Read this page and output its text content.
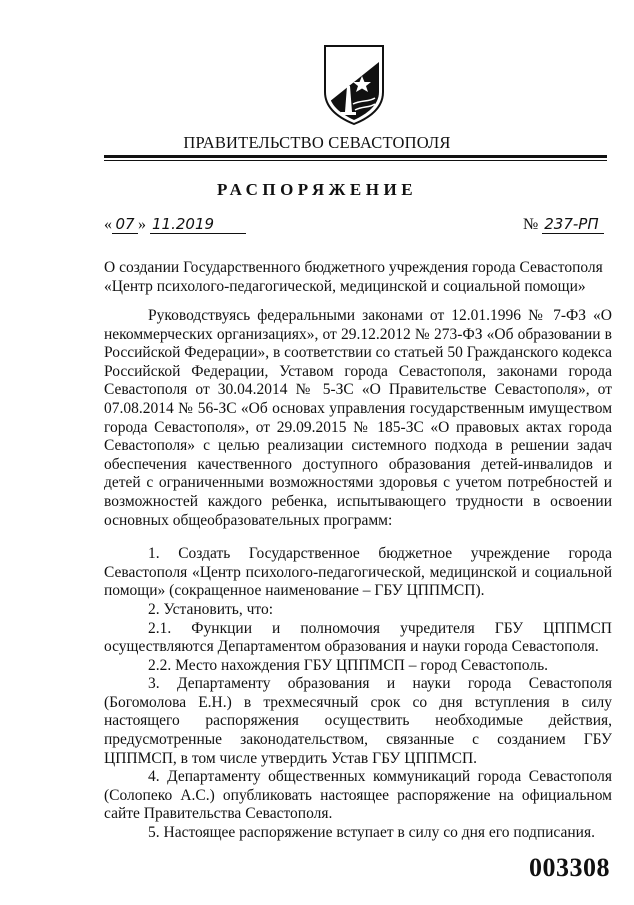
ПРАВИТЕЛЬСТВО СЕВАСТОПОЛЯ
РАСПОРЯЖЕНИЕ
« 07 » 11.2019	№ 237-РП
О создании Государственного бюджетного учреждения города Севастополя
«Центр психолого-педагогической, медицинской и социальной помощи»

Руководствуясь федеральными законами от 12.01.1996 № 7-ФЗ «О некоммерческих организациях», от 29.12.2012 № 273-ФЗ «Об образовании в Российской Федерации», в соответствии со статьей 50 Гражданского кодекса Российской Федерации, Уставом города Севастополя, законами города Севастополя от 30.04.2014 № 5-ЗС «О Правительстве Севастополя», от 07.08.2014 № 56-ЗС «Об основах управления государственным имуществом города Севастополя», от 29.09.2015 № 185-ЗС «О правовых актах города Севастополя» с целью реализации системного подхода в решении задач обеспечения качественного доступного образования детей-инвалидов и детей с ограниченными возможностями здоровья с учетом потребностей и возможностей каждого ребенка, испытывающего трудности в освоении основных общеобразовательных программ:

1. Создать Государственное бюджетное учреждение города Севастополя «Центр психолого-педагогической, медицинской и социальной помощи» (сокращенное наименование – ГБУ ЦППМСП).

2. Установить, что:

2.1. Функции и полномочия учредителя ГБУ ЦППМСП осуществляются Департаментом образования и науки города Севастополя.

2.2. Место нахождения ГБУ ЦППМСП – город Севастополь.

3. Департаменту образования и науки города Севастополя (Богомолова Е.Н.) в трехмесячный срок со дня вступления в силу настоящего распоряжения осуществить необходимые действия, предусмотренные законодательством, связанные с созданием ГБУ ЦППМСП, в том числе утвердить Устав ГБУ ЦППМСП.

4. Департаменту общественных коммуникаций города Севастополя (Солопеко А.С.) опубликовать настоящее распоряжение на официальном сайте Правительства Севастополя.

5. Настоящее распоряжение вступает в силу со дня его подписания.

003308
